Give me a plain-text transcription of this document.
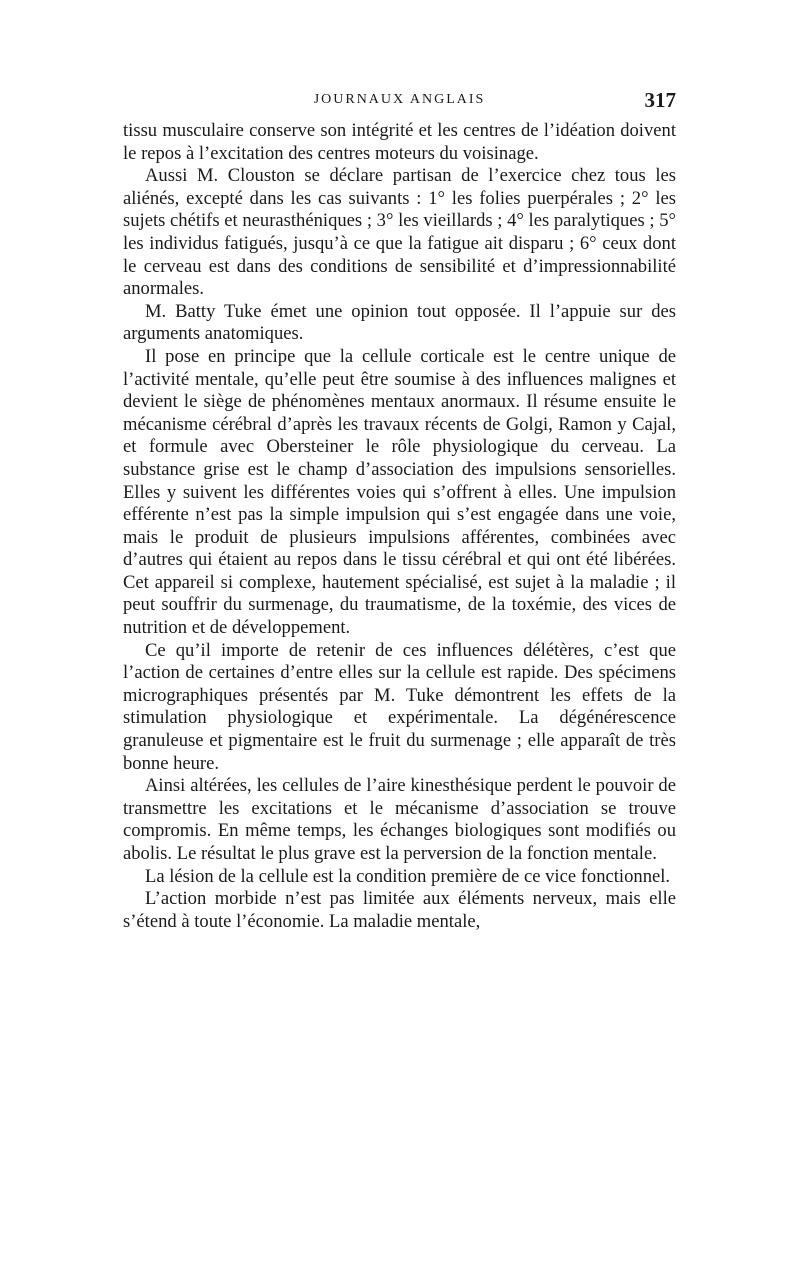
JOURNAUX ANGLAIS	317

tissu musculaire conserve son intégrité et les centres de l’idéation doivent le repos à l’excitation des centres moteurs du voisinage.

Aussi M. Clouston se déclare partisan de l’exercice chez tous les aliénés, excepté dans les cas suivants : 1° les folies puerpérales ; 2° les sujets chétifs et neurasthéniques ; 3° les vieillards ; 4° les paralytiques ; 5° les individus fatigués, jusqu’à ce que la fatigue ait disparu ; 6° ceux dont le cerveau est dans des conditions de sensibilité et d’impressionnabilité anormales.

M. Batty Tuke émet une opinion tout opposée. Il l’appuie sur des arguments anatomiques.

Il pose en principe que la cellule corticale est le centre unique de l’activité mentale, qu’elle peut être soumise à des influences malignes et devient le siège de phénomènes mentaux anormaux. Il résume ensuite le mécanisme cérébral d’après les travaux récents de Golgi, Ramon y Cajal, et formule avec Obersteiner le rôle physiologique du cerveau. La substance grise est le champ d’association des impulsions sensorielles. Elles y suivent les différentes voies qui s’offrent à elles. Une impulsion efférente n’est pas la simple impulsion qui s’est engagée dans une voie, mais le produit de plusieurs impulsions afférentes, combinées avec d’autres qui étaient au repos dans le tissu cérébral et qui ont été libérées. Cet appareil si complexe, hautement spécialisé, est sujet à la maladie ; il peut souffrir du surmenage, du traumatisme, de la toxémie, des vices de nutrition et de développement.

Ce qu’il importe de retenir de ces influences délétères, c’est que l’action de certaines d’entre elles sur la cellule est rapide. Des spécimens micrographiques présentés par M. Tuke démontrent les effets de la stimulation physiologique et expérimentale. La dégénérescence granuleuse et pigmentaire est le fruit du surmenage ; elle apparaît de très bonne heure.

Ainsi altérées, les cellules de l’aire kinesthésique perdent le pouvoir de transmettre les excitations et le mécanisme d’association se trouve compromis. En même temps, les échanges biologiques sont modifiés ou abolis. Le résultat le plus grave est la perversion de la fonction mentale.

La lésion de la cellule est la condition première de ce vice fonctionnel.

L’action morbide n’est pas limitée aux éléments nerveux, mais elle s’étend à toute l’économie. La maladie mentale,
